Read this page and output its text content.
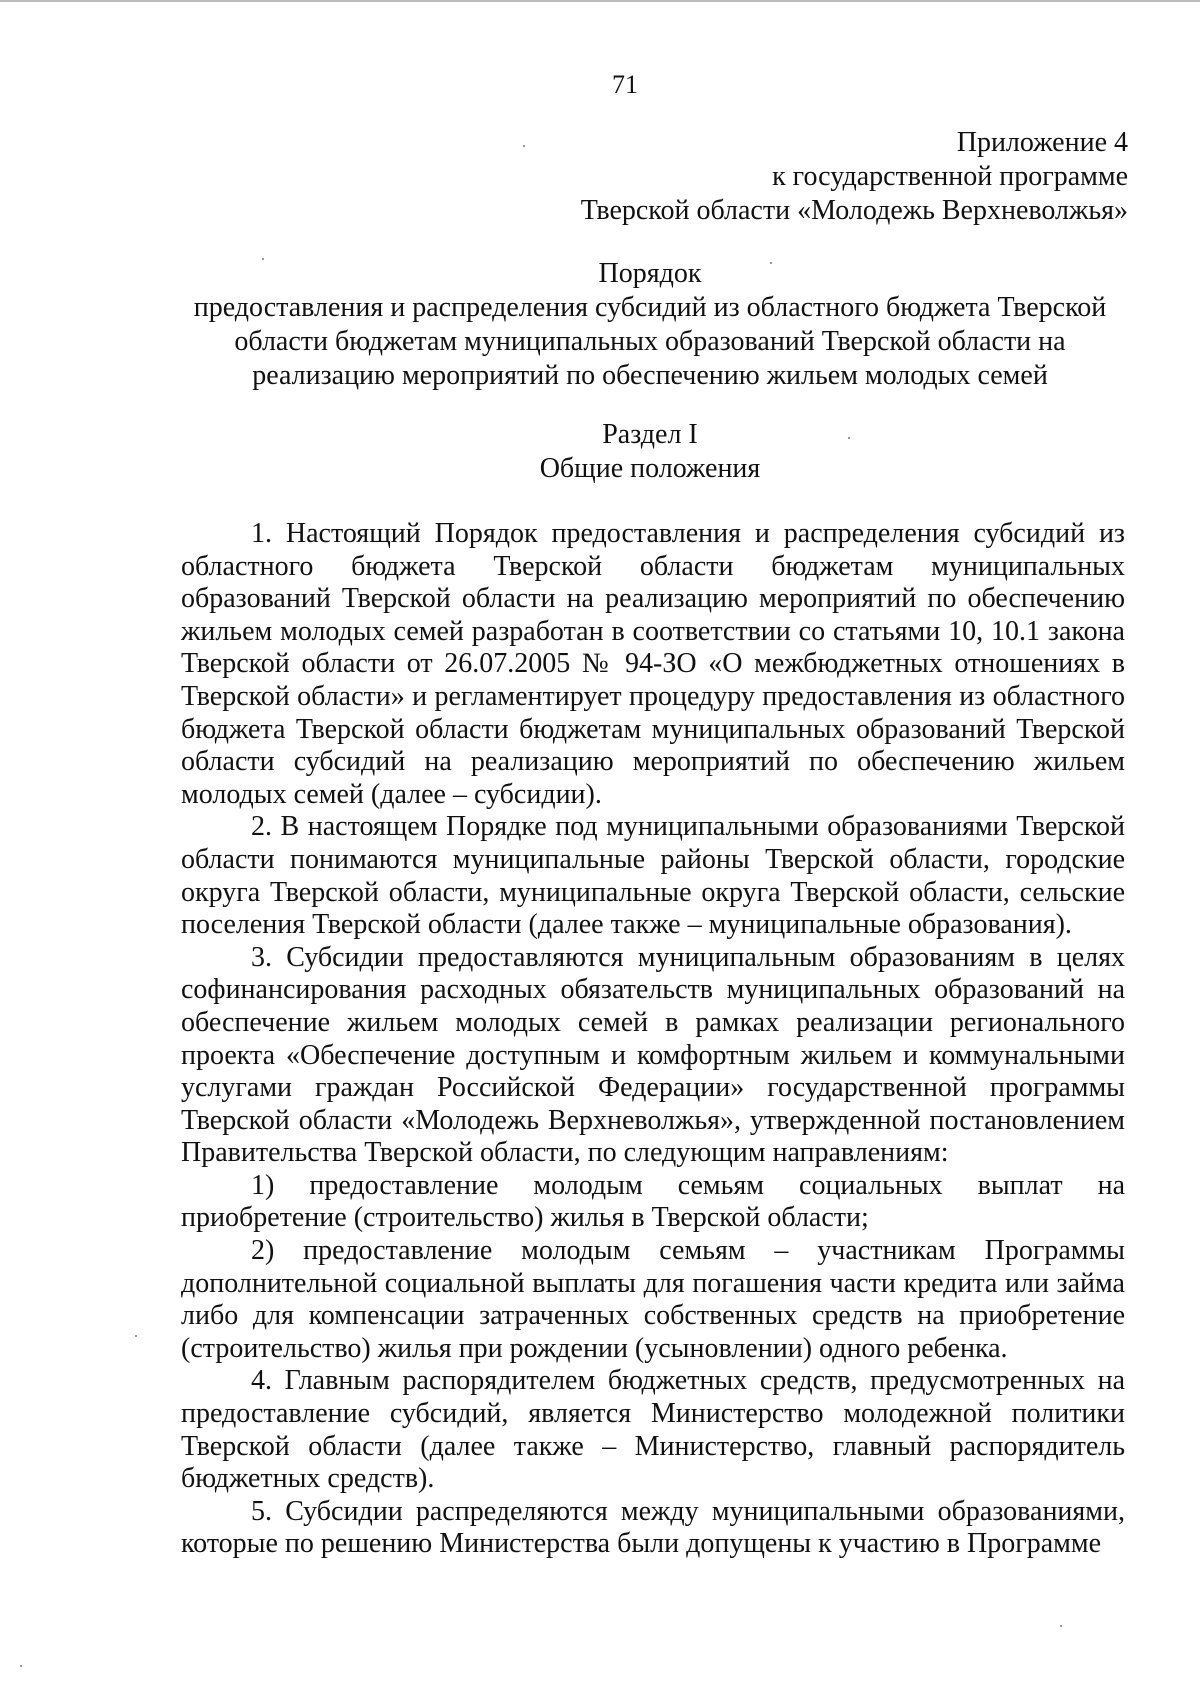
71
Приложение 4
к государственной программе
Тверской области «Молодежь Верхневолжья»
Порядок
предоставления и распределения субсидий из областного бюджета Тверской
области бюджетам муниципальных образований Тверской области на
реализацию мероприятий по обеспечению жильем молодых семей
Раздел I
Общие положения

1. Настоящий Порядок предоставления и распределения субсидий из областного бюджета Тверской области бюджетам муниципальных образований Тверской области на реализацию мероприятий по обеспечению жильем молодых семей разработан в соответствии со статьями 10, 10.1 закона Тверской области от 26.07.2005 № 94-ЗО «О межбюджетных отношениях в Тверской области» и регламентирует процедуру предоставления из областного бюджета Тверской области бюджетам муниципальных образований Тверской области субсидий на реализацию мероприятий по обеспечению жильем молодых семей (далее – субсидии).

2. В настоящем Порядке под муниципальными образованиями Тверской области понимаются муниципальные районы Тверской области, городские округа Тверской области, муниципальные округа Тверской области, сельские поселения Тверской области (далее также – муниципальные образования).

3. Субсидии предоставляются муниципальным образованиям в целях софинансирования расходных обязательств муниципальных образований на обеспечение жильем молодых семей в рамках реализации регионального проекта «Обеспечение доступным и комфортным жильем и коммунальными услугами граждан Российской Федерации» государственной программы Тверской области «Молодежь Верхневолжья», утвержденной постановлением Правительства Тверской области, по следующим направлениям:

1) предоставление молодым семьям социальных выплат на приобретение (строительство) жилья в Тверской области;

2) предоставление молодым семьям – участникам Программы дополнительной социальной выплаты для погашения части кредита или займа либо для компенсации затраченных собственных средств на приобретение (строительство) жилья при рождении (усыновлении) одного ребенка.

4. Главным распорядителем бюджетных средств, предусмотренных на предоставление субсидий, является Министерство молодежной политики Тверской области (далее также – Министерство, главный распорядитель бюджетных средств).

5. Субсидии распределяются между муниципальными образованиями, которые по решению Министерства были допущены к участию в Программе
